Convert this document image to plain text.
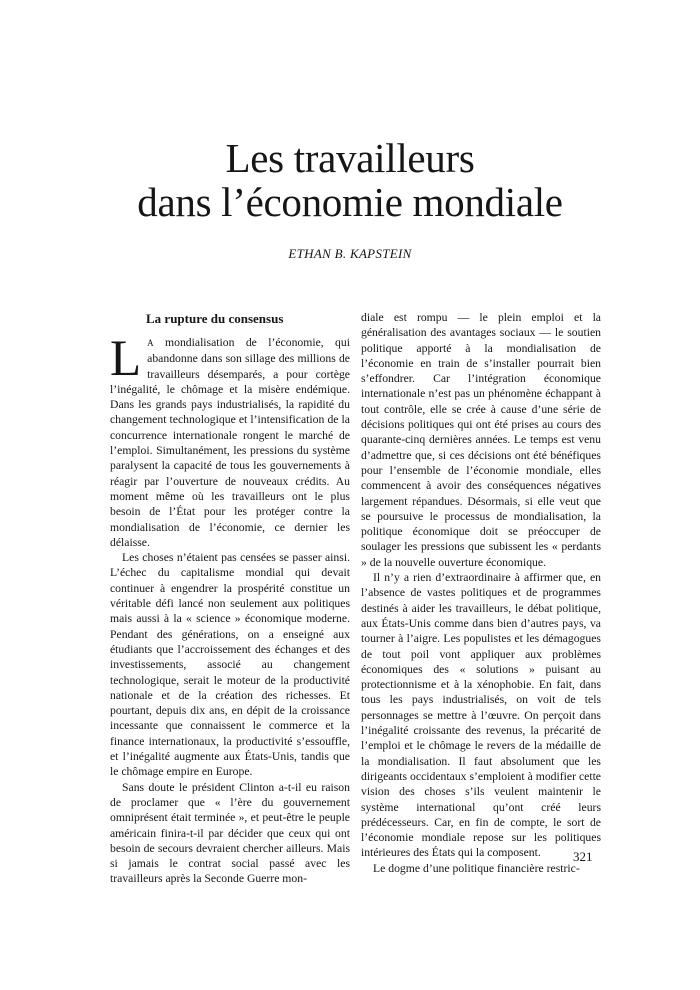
Les travailleurs
dans l’économie mondiale
ETHAN B. KAPSTEIN
La rupture du consensus

L A mondialisation de l’économie, qui abandonne dans son sillage des millions de travailleurs désemparés, a pour cortège l’inégalité, le chômage et la misère endémique. Dans les grands pays industrialisés, la rapidité du changement technologique et l’intensification de la concurrence internationale rongent le marché de l’emploi. Simultanément, les pressions du système paralysent la capacité de tous les gouvernements à réagir par l’ouverture de nouveaux crédits. Au moment même où les travailleurs ont le plus besoin de l’État pour les protéger contre la mondialisation de l’économie, ce dernier les délaisse.

Les choses n’étaient pas censées se passer ainsi. L’échec du capitalisme mondial qui devait continuer à engendrer la prospérité constitue un véritable défi lancé non seulement aux politiques mais aussi à la « science » économique moderne. Pendant des générations, on a enseigné aux étudiants que l’accroissement des échanges et des investissements, associé au changement technologique, serait le moteur de la productivité nationale et de la création des richesses. Et pourtant, depuis dix ans, en dépit de la croissance incessante que connaissent le commerce et la finance internationaux, la productivité s’essouffle, et l’inégalité augmente aux États-Unis, tandis que le chômage empire en Europe.

Sans doute le président Clinton a-t-il eu raison de proclamer que « l’ère du gouvernement omniprésent était terminée », et peut-être le peuple américain finira-t-il par décider que ceux qui ont besoin de secours devraient chercher ailleurs. Mais si jamais le contrat social passé avec les travailleurs après la Seconde Guerre mon-

diale est rompu — le plein emploi et la généralisation des avantages sociaux — le soutien politique apporté à la mondialisation de l’économie en train de s’installer pourrait bien s’effondrer. Car l’intégration économique internationale n’est pas un phénomène échappant à tout contrôle, elle se crée à cause d’une série de décisions politiques qui ont été prises au cours des quarante-cinq dernières années. Le temps est venu d’admettre que, si ces décisions ont été bénéfiques pour l’ensemble de l’économie mondiale, elles commencent à avoir des conséquences négatives largement répandues. Désormais, si elle veut que se poursuive le processus de mondialisation, la politique économique doit se préoccuper de soulager les pressions que subissent les « perdants » de la nouvelle ouverture économique.

Il n’y a rien d’extraordinaire à affirmer que, en l’absence de vastes politiques et de programmes destinés à aider les travailleurs, le débat politique, aux États-Unis comme dans bien d’autres pays, va tourner à l’aigre. Les populistes et les démagogues de tout poil vont appliquer aux problèmes économiques des « solutions » puisant au protectionnisme et à la xénophobie. En fait, dans tous les pays industrialisés, on voit de tels personnages se mettre à l’œuvre. On perçoit dans l’inégalité croissante des revenus, la précarité de l’emploi et le chômage le revers de la médaille de la mondialisation. Il faut absolument que les dirigeants occidentaux s’emploient à modifier cette vision des choses s’ils veulent maintenir le système international qu’ont créé leurs prédécesseurs. Car, en fin de compte, le sort de l’économie mondiale repose sur les politiques intérieures des États qui la composent.

Le dogme d’une politique financière restric-

321
